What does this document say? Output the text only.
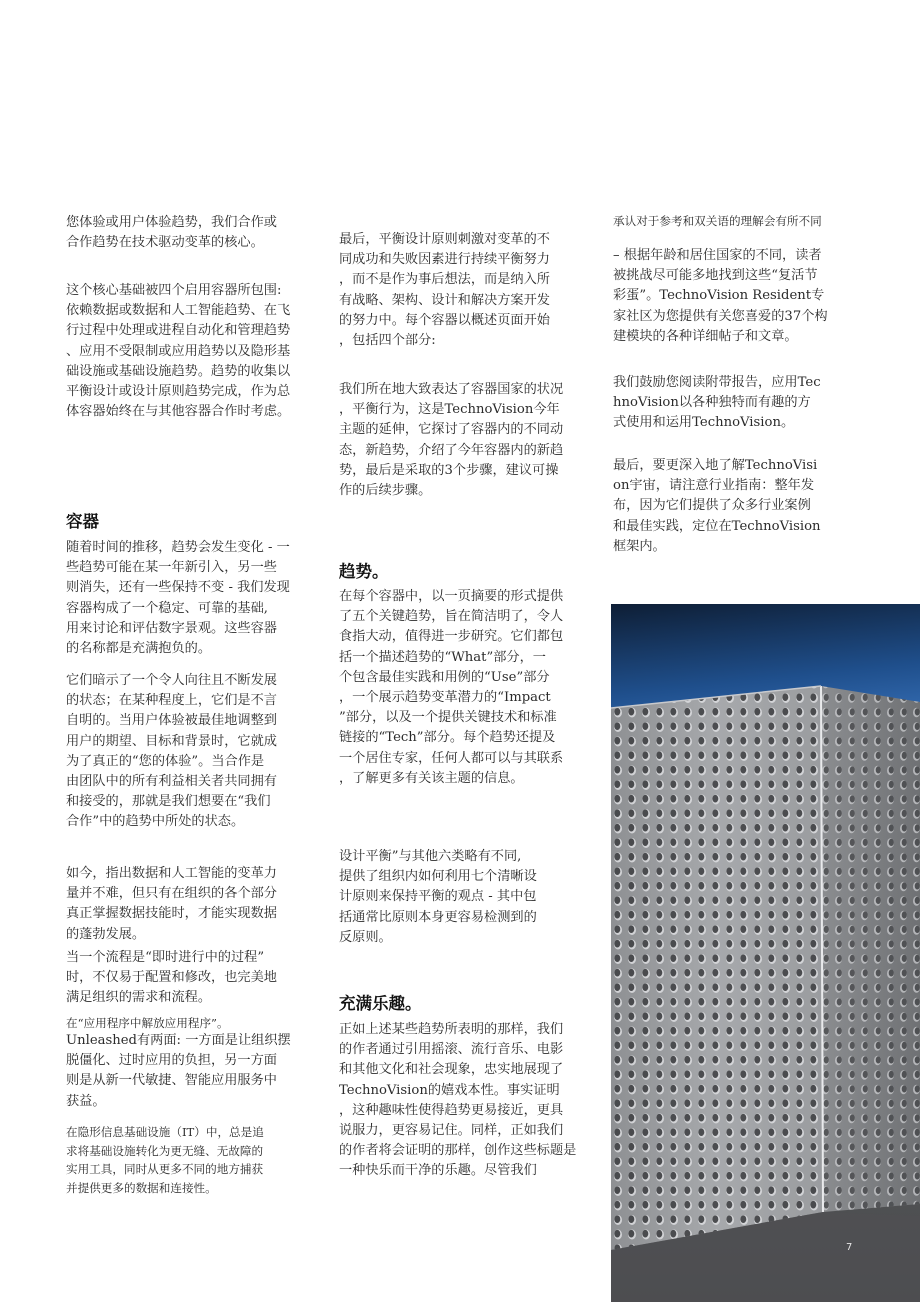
您体验或用户体验趋势，我们合作或
合作趋势在技术驱动变革的核心。

这个核心基础被四个启用容器所包围:
依赖数据或数据和人工智能趋势、在飞
行过程中处理或进程自动化和管理趋势
、应用不受限制或应用趋势以及隐形基
础设施或基础设施趋势。趋势的收集以
平衡设计或设计原则趋势完成，作为总
体容器始终在与其他容器合作时考虑。

容器

随着时间的推移，趋势会发生变化 - 一
些趋势可能在某一年新引入，另一些
则消失，还有一些保持不变 - 我们发现
容器构成了一个稳定、可靠的基础,
用来讨论和评估数字景观。这些容器
的名称都是充满抱负的。

它们暗示了一个令人向往且不断发展
的状态；在某种程度上，它们是不言
自明的。当用户体验被最佳地调整到
用户的期望、目标和背景时，它就成
为了真正的“您的体验”。当合作是
由团队中的所有利益相关者共同拥有
和接受的，那就是我们想要在“我们
合作”中的趋势中所处的状态。

如今，指出数据和人工智能的变革力
量并不难，但只有在组织的各个部分
真正掌握数据技能时，才能实现数据
的蓬勃发展。

当一个流程是“即时进行中的过程”
时，不仅易于配置和修改，也完美地
满足组织的需求和流程。

在“应用程序中解放应用程序”。

Unleashed有两面: 一方面是让组织摆
脱僵化、过时应用的负担，另一方面
则是从新一代敏捷、智能应用服务中
获益。

在隐形信息基础设施（IT）中，总是追
求将基础设施转化为更无缝、无故障的
实用工具，同时从更多不同的地方捕获
并提供更多的数据和连接性。

最后，平衡设计原则刺激对变革的不
同成功和失败因素进行持续平衡努力
，而不是作为事后想法，而是纳入所
有战略、架构、设计和解决方案开发
的努力中。每个容器以概述页面开始
，包括四个部分:

我们所在地大致表达了容器国家的状况
，平衡行为，这是TechnoVision今年
主题的延伸，它探讨了容器内的不同动
态，新趋势，介绍了今年容器内的新趋
势，最后是采取的3个步骤，建议可操
作的后续步骤。

趋势。

在每个容器中，以一页摘要的形式提供
了五个关键趋势，旨在简洁明了，令人
食指大动，值得进一步研究。它们都包
括一个描述趋势的“What”部分，一
个包含最佳实践和用例的“Use”部分
，一个展示趋势变革潜力的“Impact
”部分，以及一个提供关键技术和标准
链接的“Tech”部分。每个趋势还提及
一个居住专家，任何人都可以与其联系
，了解更多有关该主题的信息。

设计平衡”与其他六类略有不同,
提供了组织内如何利用七个清晰设
计原则来保持平衡的观点 - 其中包
括通常比原则本身更容易检测到的
反原则。

充满乐趣。

正如上述某些趋势所表明的那样，我们
的作者通过引用摇滚、流行音乐、电影
和其他文化和社会现象，忠实地展现了
TechnoVision的嬉戏本性。事实证明
，这种趣味性使得趋势更易接近，更具
说服力，更容易记住。同样，正如我们
的作者将会证明的那样，创作这些标题是
一种快乐而干净的乐趣。尽管我们

承认对于参考和双关语的理解会有所不同

– 根据年龄和居住国家的不同，读者
被挑战尽可能多地找到这些“复活节
彩蛋”。TechnoVision Resident专
家社区为您提供有关您喜爱的37个构
建模块的各种详细帖子和文章。

我们鼓励您阅读附带报告，应用Tec
hnoVision以各种独特而有趣的方
式使用和运用TechnoVision。

最后，要更深入地了解TechnoVisi
on宇宙，请注意行业指南：整年发
布，因为它们提供了众多行业案例
和最佳实践，定位在TechnoVision
框架内。

7
